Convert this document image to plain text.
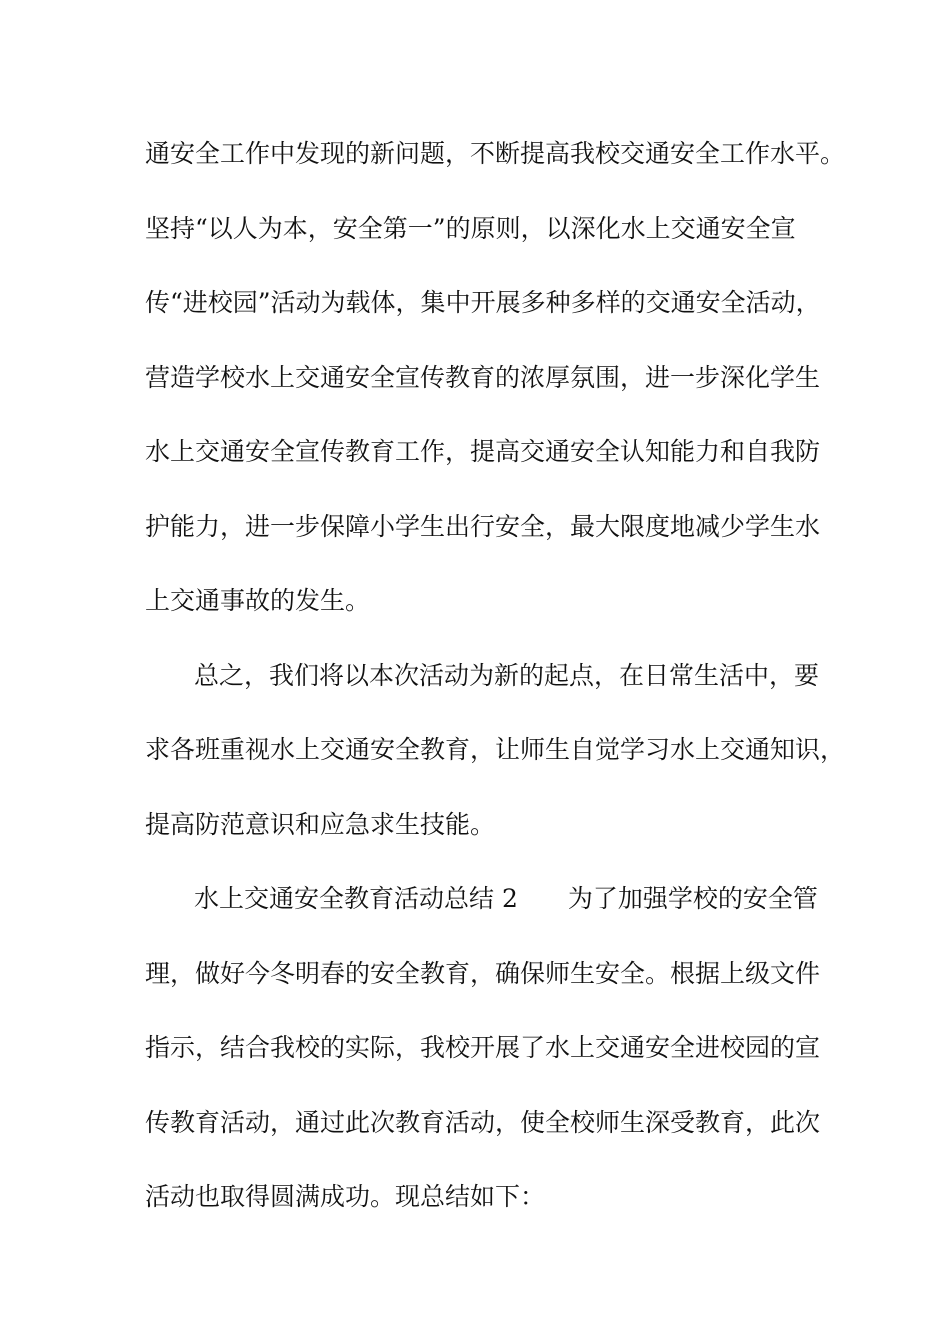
通安全工作中发现的新问题，不断提高我校交通安全工作水平。
坚持“以人为本，安全第一”的原则，以深化水上交通安全宣
传“进校园”活动为载体，集中开展多种多样的交通安全活动，
营造学校水上交通安全宣传教育的浓厚氛围，进一步深化学生
水上交通安全宣传教育工作，提高交通安全认知能力和自我防
护能力，进一步保障小学生出行安全，最大限度地减少学生水
上交通事故的发生。
总之，我们将以本次活动为新的起点，在日常生活中，要
求各班重视水上交通安全教育，让师生自觉学习水上交通知识，
提高防范意识和应急求生技能。
水上交通安全教育活动总结 2 为了加强学校的安全管
理，做好今冬明春的安全教育，确保师生安全。根据上级文件
指示，结合我校的实际，我校开展了水上交通安全进校园的宣
传教育活动，通过此次教育活动，使全校师生深受教育，此次
活动也取得圆满成功。现总结如下：
